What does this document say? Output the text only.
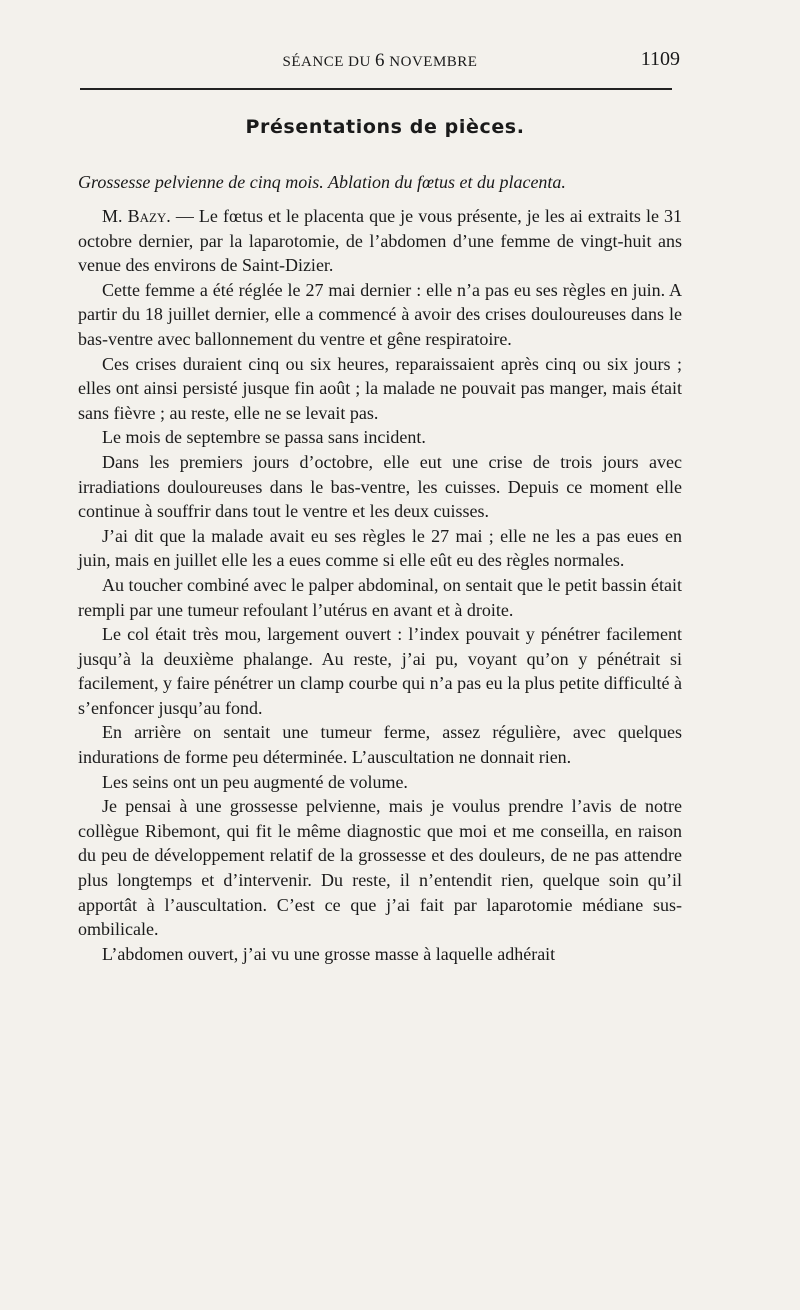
SÉANCE DU 6 NOVEMBRE	1109
Présentations de pièces.
Grossesse pelvienne de cinq mois. Ablation du fœtus et du placenta.

M. Bazy. — Le fœtus et le placenta que je vous présente, je les ai extraits le 31 octobre dernier, par la laparotomie, de l’abdomen d’une femme de vingt-huit ans venue des environs de Saint-Dizier.

Cette femme a été réglée le 27 mai dernier : elle n’a pas eu ses règles en juin. A partir du 18 juillet dernier, elle a commencé à avoir des crises douloureuses dans le bas-ventre avec ballonnement du ventre et gêne respiratoire.

Ces crises duraient cinq ou six heures, reparaissaient après cinq ou six jours ; elles ont ainsi persisté jusque fin août ; la malade ne pouvait pas manger, mais était sans fièvre ; au reste, elle ne se levait pas.

Le mois de septembre se passa sans incident.

Dans les premiers jours d’octobre, elle eut une crise de trois jours avec irradiations douloureuses dans le bas-ventre, les cuisses. Depuis ce moment elle continue à souffrir dans tout le ventre et les deux cuisses.

J’ai dit que la malade avait eu ses règles le 27 mai ; elle ne les a pas eues en juin, mais en juillet elle les a eues comme si elle eût eu des règles normales.

Au toucher combiné avec le palper abdominal, on sentait que le petit bassin était rempli par une tumeur refoulant l’utérus en avant et à droite.

Le col était très mou, largement ouvert : l’index pouvait y pénétrer facilement jusqu’à la deuxième phalange. Au reste, j’ai pu, voyant qu’on y pénétrait si facilement, y faire pénétrer un clamp courbe qui n’a pas eu la plus petite difficulté à s’enfoncer jusqu’au fond.

En arrière on sentait une tumeur ferme, assez régulière, avec quelques indurations de forme peu déterminée. L’auscultation ne donnait rien.

Les seins ont un peu augmenté de volume.

Je pensai à une grossesse pelvienne, mais je voulus prendre l’avis de notre collègue Ribemont, qui fit le même diagnostic que moi et me conseilla, en raison du peu de développement relatif de la grossesse et des douleurs, de ne pas attendre plus longtemps et d’intervenir. Du reste, il n’entendit rien, quelque soin qu’il apportât à l’auscultation. C’est ce que j’ai fait par laparotomie médiane sus-ombilicale.

L’abdomen ouvert, j’ai vu une grosse masse à laquelle adhérait
